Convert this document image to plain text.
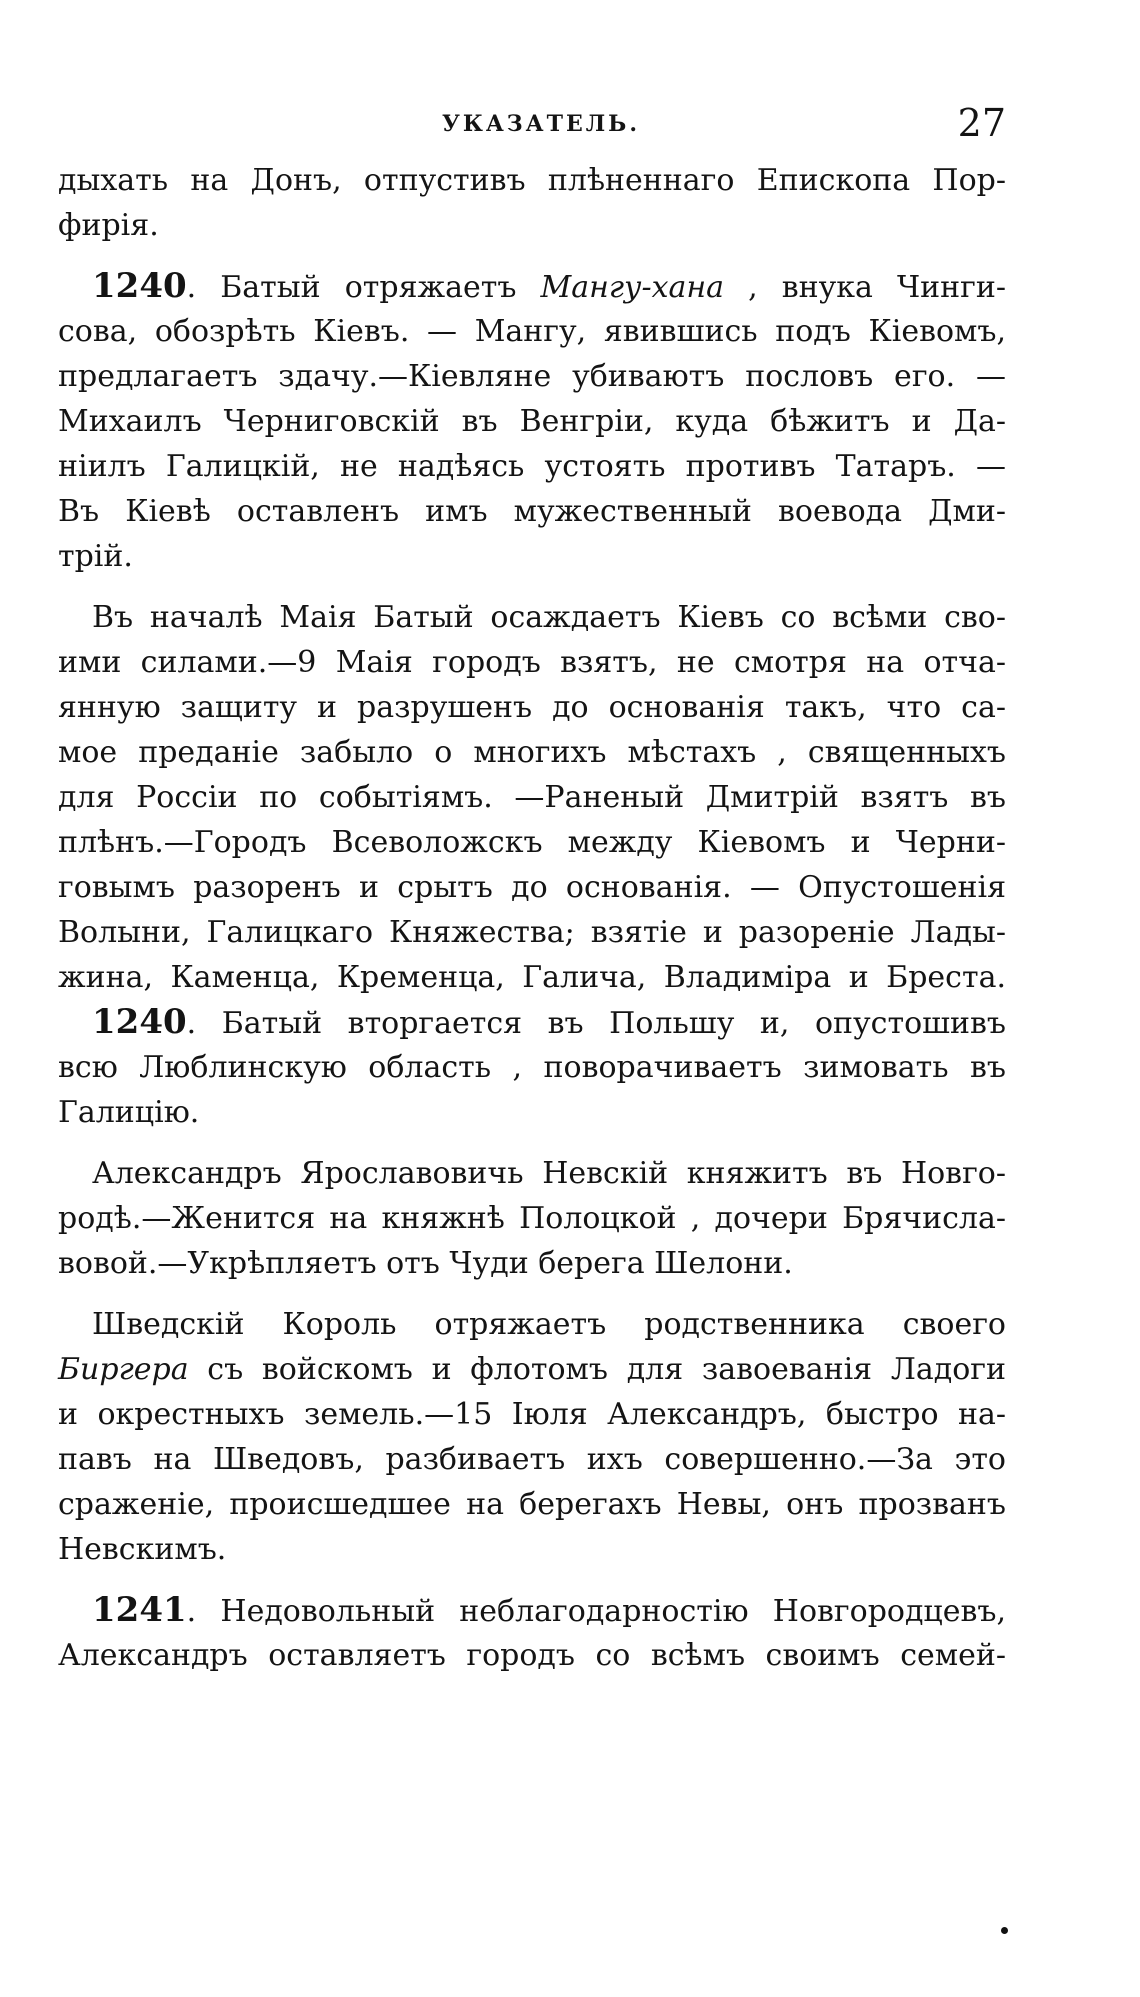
УКАЗАТЕЛЬ.	27
дыхать на Донъ, отпустивъ плѣненнаго Епископа Пор-
фирія.
1240. Батый отряжаетъ Мангу-хана , внука Чинги-
сова, обозрѣть Кіевъ. — Мангу, явившись подъ Кіевомъ,
предлагаетъ здачу.—Кіевляне убиваютъ пословъ его. —
Михаилъ Черниговскій въ Венгріи, куда бѣжитъ и Да-
ніилъ Галицкій, не надѣясь устоять противъ Татаръ. —
Въ Кіевѣ оставленъ имъ мужественный воевода Дми-
трій.
Въ началѣ Маія Батый осаждаетъ Кіевъ со всѣми сво-
ими силами.—9 Маія городъ взятъ, не смотря на отча-
янную защиту и разрушенъ до основанія такъ, что са-
мое преданіе забыло о многихъ мѣстахъ , священныхъ
для Россіи по событіямъ. —Раненый Дмитрій взятъ въ
плѣнъ.—Городъ Всеволожскъ между Кіевомъ и Черни-
говымъ разоренъ и срытъ до основанія. — Опустошенія
Волыни, Галицкаго Княжества; взятіе и разореніе Лады-
жина, Каменца, Кременца, Галича, Владиміра и Бреста.
1240. Батый вторгается въ Польшу и, опустошивъ
всю Люблинскую область , поворачиваетъ зимовать въ
Галицію.
Александръ Ярославовичь Невскій княжитъ въ Новго-
родѣ.—Женится на княжнѣ Полоцкой , дочери Брячисла-
вовой.—Укрѣпляетъ отъ Чуди берега Шелони.
Шведскій Король отряжаетъ родственника своего
Биргера съ войскомъ и флотомъ для завоеванія Ладоги
и окрестныхъ земель.—15 Іюля Александръ, быстро на-
павъ на Шведовъ, разбиваетъ ихъ совершенно.—За это
сраженіе, происшедшее на берегахъ Невы, онъ прозванъ
Невскимъ.
1241. Недовольный неблагодарностію Новгородцевъ,
Александръ оставляетъ городъ со всѣмъ своимъ семей-
